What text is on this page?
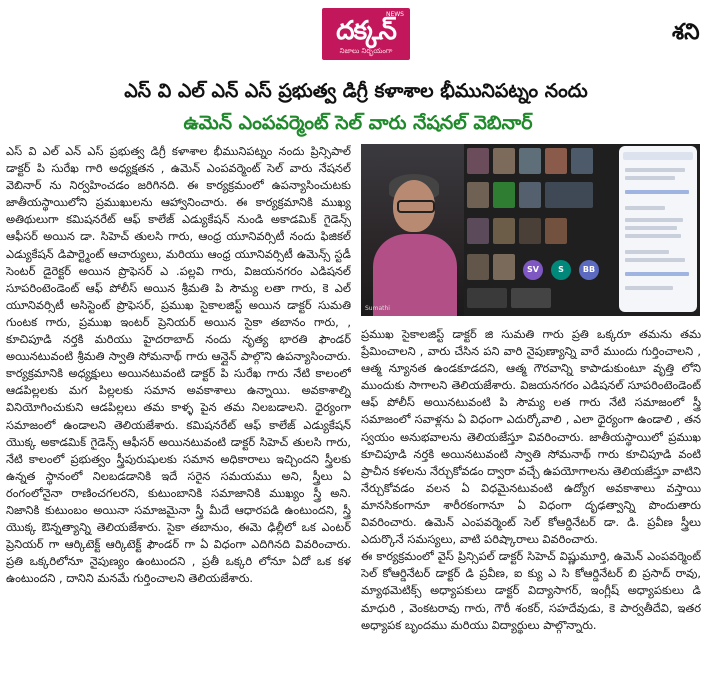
NEWS
దక్కన్
నిజాలు నిర్భయంగా
శని
ఎస్ వి ఎల్ ఎన్ ఎస్ ప్రభుత్వ డిగ్రీ కళాశాల భీమునిపట్నం నందు
ఉమెన్ ఎంపవర్మెంట్ సెల్ వారు నేషనల్ వెబినార్

ఎస్ వి ఎల్ ఎన్ ఎస్ ప్రభుత్వ డిగ్రీ కళాశాల భీమునిపట్నం నందు ప్రిన్సిపాల్ డాక్టర్ పి సురేఖ గారి అధ్యక్షతన , ఉమెన్ ఎంపవర్మెంట్ సెల్ వారు నేషనల్ వెబినార్ ను నిర్వహించడం జరిగినది. ఈ కార్యక్రమంలో ఉపన్యాసించుటకు జాతీయస్థాయిలోని ప్రముఖులను ఆహ్వానించారు. ఈ కార్యక్రమానికి ముఖ్య అతిథులుగా కమిషనరేట్ ఆఫ్ కాలేజ్ ఎడ్యుకేషన్ నుండి అకాడమిక్ గైడెన్స్ ఆఫీసర్ అయిన డా. సిహెచ్ తులసి గారు, ఆంధ్ర యూనివర్సిటీ నందు ఫిజికల్ ఎడ్యుకేషన్ డిపార్ట్మెంట్ ఆచార్యులు, మరియు ఆంధ్ర యూనివర్సిటీ ఉమెన్స్ స్టడీ సెంటర్ డైరెక్టర్ అయిన ప్రొఫెసర్ ఎ .పల్లవి గారు, విజయనగరం ఎడిషనల్ సూపరింటెండెంట్ ఆఫ్ పోలీస్ అయిన శ్రీమతి పి సౌమ్య లతా గారు, కె ఎల్ యూనివర్సిటీ అసిస్టెంట్ ప్రొఫెసర్, ప్రముఖ సైకాలజిస్ట్ అయిన డాక్టర్ సుమతి గుంటక గారు, ప్రముఖ ఇంటర్ ప్రెనియర్ అయిన సైకా తబానం గారు, , కూచిపూడి నర్తకి మరియు హైదరాబాద్ నందు నృత్య భారతి ఫౌండర్ అయినటువంటి శ్రీమతి స్వాతి సోమనాథ్ గారు ఆన్లైన్ పాల్గొని ఉపన్యాసించారు. కార్యక్రమానికి అధ్యక్షులు అయినటువంటి డాక్టర్ పి సురేఖ గారు నేటి కాలంలో ఆడపిల్లలకు మగ పిల్లలకు సమాన అవకాశాలు ఉన్నాయి. అవకాశాల్ని వినియోగించుకుని ఆడపిల్లలు తమ కాళ్ళ పైన తమ నిలబడాలని. ధైర్యంగా సమాజంలో ఉండాలని తెలియజేశారు. కమిషనరేట్ ఆఫ్ కాలేజ్ ఎడ్యుకేషన్ యొక్క అకాడమిక్ గైడెన్స్ ఆఫీసర్ అయినటువంటి డాక్టర్ సిహెచ్ తులసి గారు, నేటి కాలంలో ప్రభుత్వం స్త్రీపురుషులకు సమాన అధికారాలు ఇచ్చిందని స్త్రీలకు ఉన్నత స్థానంలో నిలబడడానికి ఇదే సరైన సమయము అని, స్త్రీలు ఏ రంగంలోనైనా రాణించగలరని, కుటుంబానికి సమాజానికి ముఖ్యం స్త్రీ అని. నిజానికి కుటుంబం అయినా సమాజమైనా స్త్రీ మీదే ఆధారపడి ఉంటుందని, స్త్రీ యొక్క ఔన్నత్యాన్ని తెలియజేశారు. సైకా తబానుం, ఈమె ఢిల్లీలో ఒక ఎంటర్ ప్రెనియర్ గా ఆర్కిటెక్ట్ ఆర్కిటెక్ట్ ఫౌండర్ గా ఏ విధంగా ఎదిగినది వివరించారు. ప్రతి ఒక్కరిలోనూ నైపుణ్యం ఉంటుందని , ప్రతీ ఒక్కరి లోనూ ఏదో ఒక కళ ఉంటుందని , దానిని మనమే గుర్తించాలని తెలియజేశారు.

Sumathi
SV	S	BB

ప్రముఖ సైకాలజిస్ట్ డాక్టర్ జి సుమతి గారు ప్రతి ఒక్కరూ తమను తమ ప్రేమించాలని , వారు చేసిన పని వారి నైపుణ్యాన్ని వారే ముందు గుర్తించాలని , ఆత్మ న్యూనత ఉండకూడదని, ఆత్మ గౌరవాన్ని కాపాడుకుంటూ వృత్తి లోని ముందుకు సాగాలని తెలియజేశారు. విజయనగరం ఎడిషనల్ సూపరింటెండెంట్ ఆఫ్ పోలీస్ అయినటువంటి పి సౌమ్య లత గారు నేటి సమాజంలో స్త్రీ సమాజంలో సవాళ్లను ఏ విధంగా ఎదుర్కోవాలి , ఎలా ధైర్యంగా ఉండాలి , తన స్వయం అనుభవాలను తెలియజేస్తూ వివరించారు. జాతీయస్థాయిలో ప్రముఖ కూచిపూడి నర్తకి అయినటువంటి స్వాతి సోమనాథ్ గారు కూచిపూడి వంటి ప్రాచీన కళలను నేర్చుకోవడం ద్వారా వచ్చే ఉపయోగాలను తెలియజేస్తూ వాటిని నేర్చుకోవడం వలన ఏ విధమైనటువంటి ఉద్యోగ అవకాశాలు వస్తాయి మానసికంగానూ శారీరకంగానూ ఏ విధంగా దృఢత్వాన్ని పొందుతారు వివరించారు. ఉమెన్ ఎంపవర్మెంట్ సెల్ కోఆర్డినేటర్ డా. డి. ప్రవీణ స్త్రీలు ఎదుర్కొనే సమస్యలు, వాటి పరిష్కారాలు వివరించారు.

ఈ కార్యక్రమంలో వైస్ ప్రిన్సిపల్ డాక్టర్ సిహెచ్ విష్ణుమూర్తి, ఉమెన్ ఎంపవర్మెంట్ సెల్ కోఆర్డినేటర్ డాక్టర్ డి ప్రవీణ, ఐ క్యు ఎ సి కోఆర్డినేటర్ బి ప్రసాద్ రావు, మ్యాథమెటిక్స్ అధ్యాపకులు డాక్టర్ విద్యాసాగర్, ఇంగ్లీష్ అధ్యాపకులు డి మాధురి , వెంకటరావు గారు, గౌరీ శంకర్, సహదేవుడు, కె పార్వతీదేవి, ఇతర అధ్యాపక బృందము మరియు విద్యార్థులు పాల్గొన్నారు.
